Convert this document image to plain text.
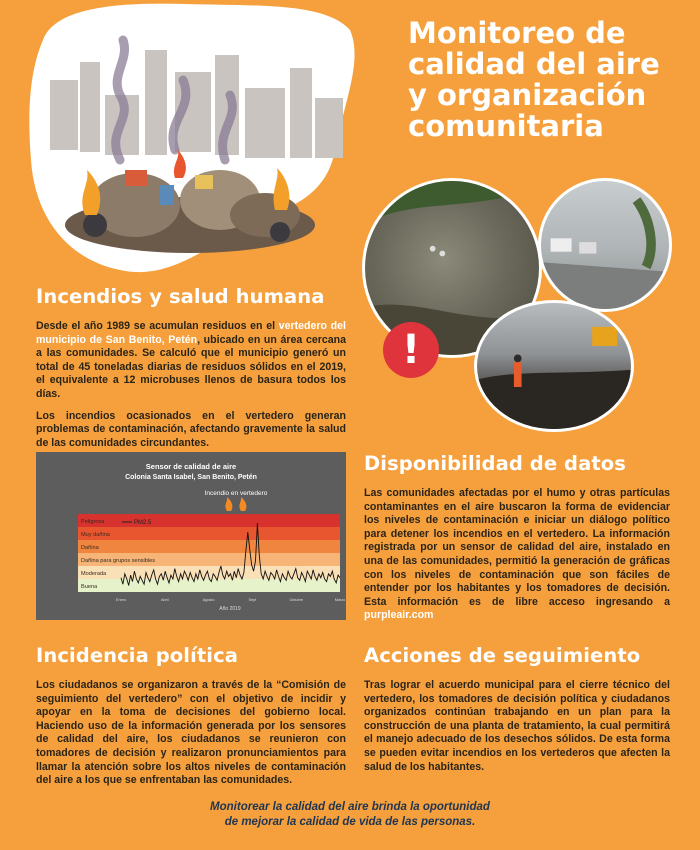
Monitoreo de
calidad del aire
y organización
comunitaria
!
Incendios y salud humana

Desde el año 1989 se acumulan residuos en el vertedero del municipio de San Benito, Petén, ubicado en un área cercana a las comunidades. Se calculó que el municipio generó un total de 45 toneladas diarias de residuos sólidos en el 2019, el equivalente a 12 microbuses llenos de basura todos los días.

Los incendios ocasionados en el vertedero generan problemas de contaminación, afectando gravemente la salud de las comunidades circundantes.

Sensor de calidad de aire
Colonia Santa Isabel, San Benito, Petén
Incendio en vertedero
Peligrosa
Muy dañina
Dañina
Dañina para grupos sensibles
Moderada
Buena
PM2.5
Enero	Abril	Agosto	Sept	Octubre	Marzo
Año 2019
Disponibilidad de datos
Las comunidades afectadas por el humo y otras partículas contaminantes en el aire buscaron la forma de evidenciar los niveles de contaminación e iniciar un diálogo político para detener los incendios en el vertedero. La información registrada por un sensor de calidad del aire, instalado en una de las comunidades, permitió la generación de gráficas con los niveles de contaminación que son fáciles de entender por los habitantes y los tomadores de decisión. Esta información es de libre acceso ingresando a purpleair.com
Incidencia política
Los ciudadanos se organizaron a través de la “Comisión de seguimiento del vertedero” con el objetivo de incidir y apoyar en la toma de decisiones del gobierno local. Haciendo uso de la información generada por los sensores de calidad del aire, los ciudadanos se reunieron con tomadores de decisión y realizaron pronunciamientos para llamar la atención sobre los altos niveles de contaminación del aire a los que se enfrentaban las comunidades.
Acciones de seguimiento
Tras lograr el acuerdo municipal para el cierre técnico del vertedero, los tomadores de decisión política y ciudadanos organizados continúan trabajando en un plan para la construcción de una planta de tratamiento, la cual permitirá el manejo adecuado de los desechos sólidos. De esta forma se pueden evitar incendios en los vertederos que afecten la salud de los habitantes.
Monitorear la calidad del aire brinda la oportunidad
de mejorar la calidad de vida de las personas.
